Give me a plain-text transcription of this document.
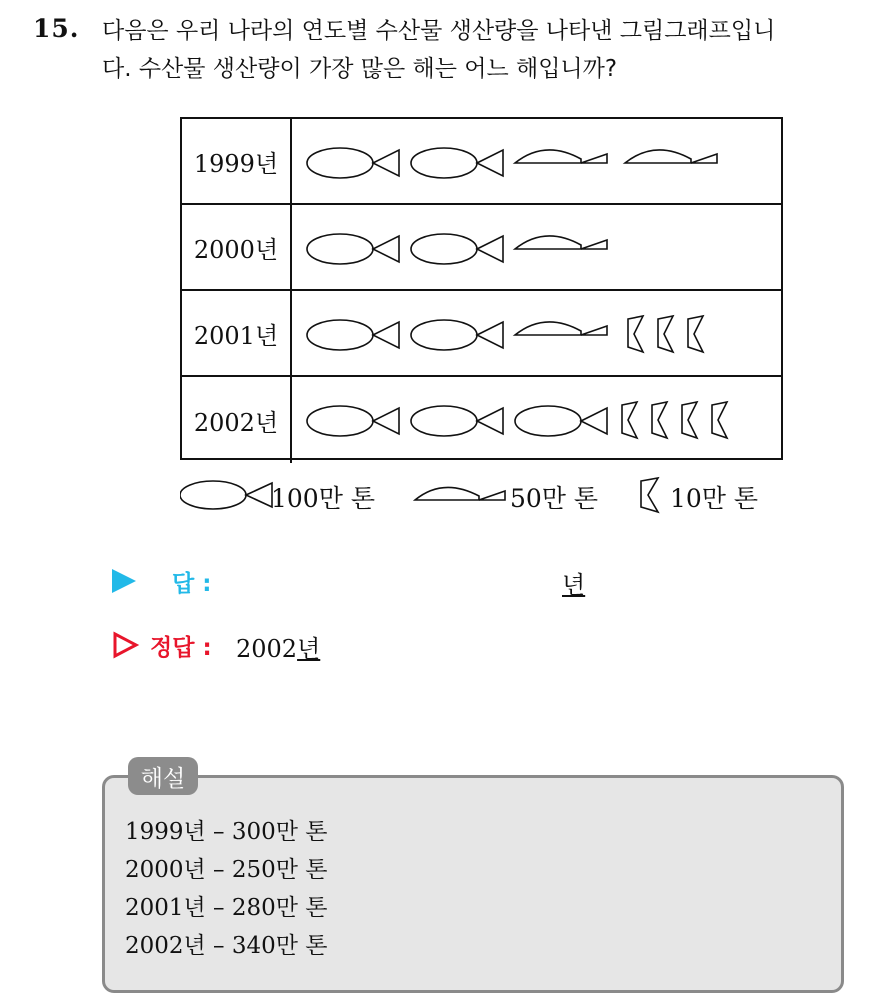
15. 다음은 우리 나라의 연도별 수산물 생산량을 나타낸 그림그래프입니
다. 수산물 생산량이 가장 많은 해는 어느 해입니까?
1999년
2000년
2001년
2002년
100만 톤	50만 톤	10만 톤
답 :	년
정답 : 2002년
해설
1999년 – 300만 톤
2000년 – 250만 톤
2001년 – 280만 톤
2002년 – 340만 톤
